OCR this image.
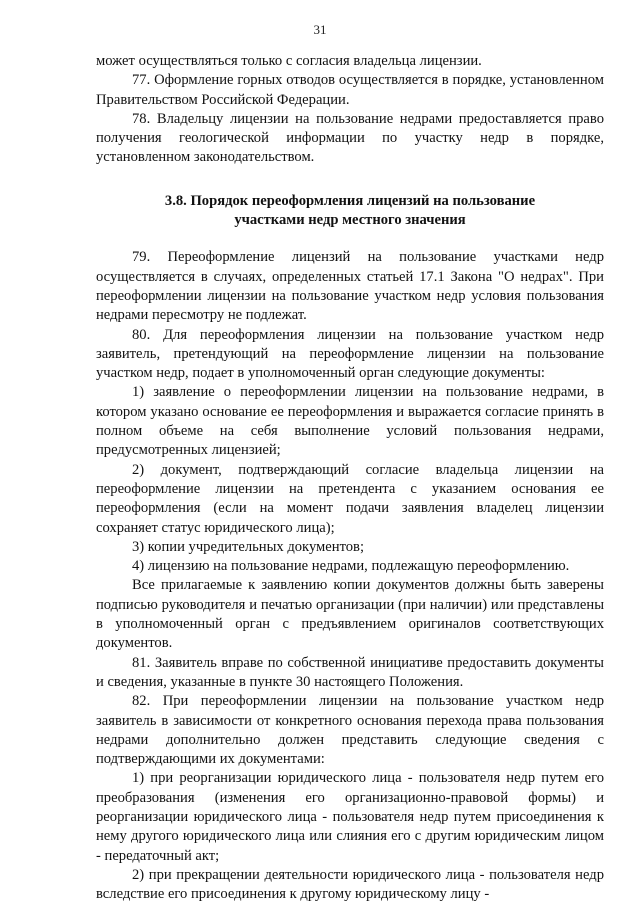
31

может осуществляться только с согласия владельца лицензии.

77. Оформление горных отводов осуществляется в порядке, установленном Правительством Российской Федерации.

78. Владельцу лицензии на пользование недрами предоставляется право получения геологической информации по участку недр в порядке, установленном законодательством.

3.8. Порядок переоформления лицензий на пользование
участками недр местного значения

79. Переоформление лицензий на пользование участками недр осуществляется в случаях, определенных статьей 17.1 Закона "О недрах". При переоформлении лицензии на пользование участком недр условия пользования недрами пересмотру не подлежат.

80. Для переоформления лицензии на пользование участком недр заявитель, претендующий на переоформление лицензии на пользование участком недр, подает в уполномоченный орган следующие документы:

1) заявление о переоформлении лицензии на пользование недрами, в котором указано основание ее переоформления и выражается согласие принять в полном объеме на себя выполнение условий пользования недрами, предусмотренных лицензией;

2) документ, подтверждающий согласие владельца лицензии на переоформление лицензии на претендента с указанием основания ее переоформления (если на момент подачи заявления владелец лицензии сохраняет статус юридического лица);

3) копии учредительных документов;

4) лицензию на пользование недрами, подлежащую переоформлению.

Все прилагаемые к заявлению копии документов должны быть заверены подписью руководителя и печатью организации (при наличии) или представлены в уполномоченный орган с предъявлением оригиналов соответствующих документов.

81. Заявитель вправе по собственной инициативе предоставить документы и сведения, указанные в пункте 30 настоящего Положения.

82. При переоформлении лицензии на пользование участком недр заявитель в зависимости от конкретного основания перехода права пользования недрами дополнительно должен представить следующие сведения с подтверждающими их документами:

1) при реорганизации юридического лица - пользователя недр путем его преобразования (изменения его организационно-правовой формы) и реорганизации юридического лица - пользователя недр путем присоединения к нему другого юридического лица или слияния его с другим юридическим лицом - передаточный акт;

2) при прекращении деятельности юридического лица - пользователя недр вследствие его присоединения к другому юридическому лицу -
